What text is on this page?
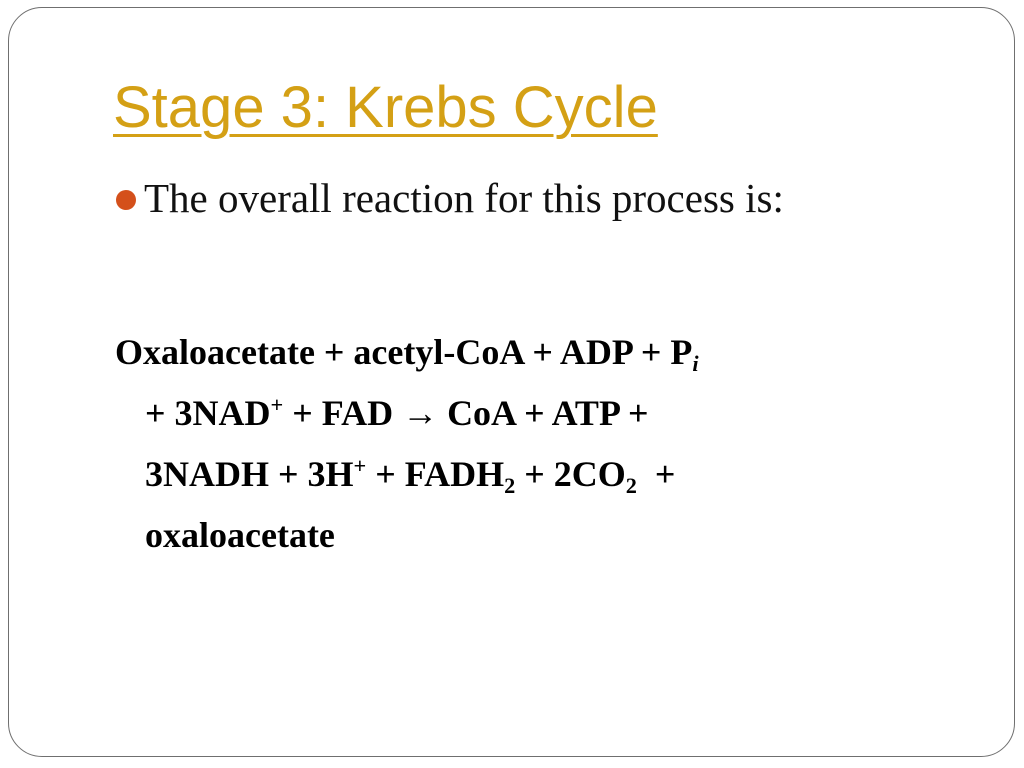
Stage 3: Krebs Cycle
The overall reaction for this process is:
Oxaloacetate + acetyl-CoA + ADP + $P_i$
+ 3NAD+ + FAD → CoA + ATP +
3NADH + $3H^+ + FADH_2 + 2CO_2$  +
oxaloacetate
